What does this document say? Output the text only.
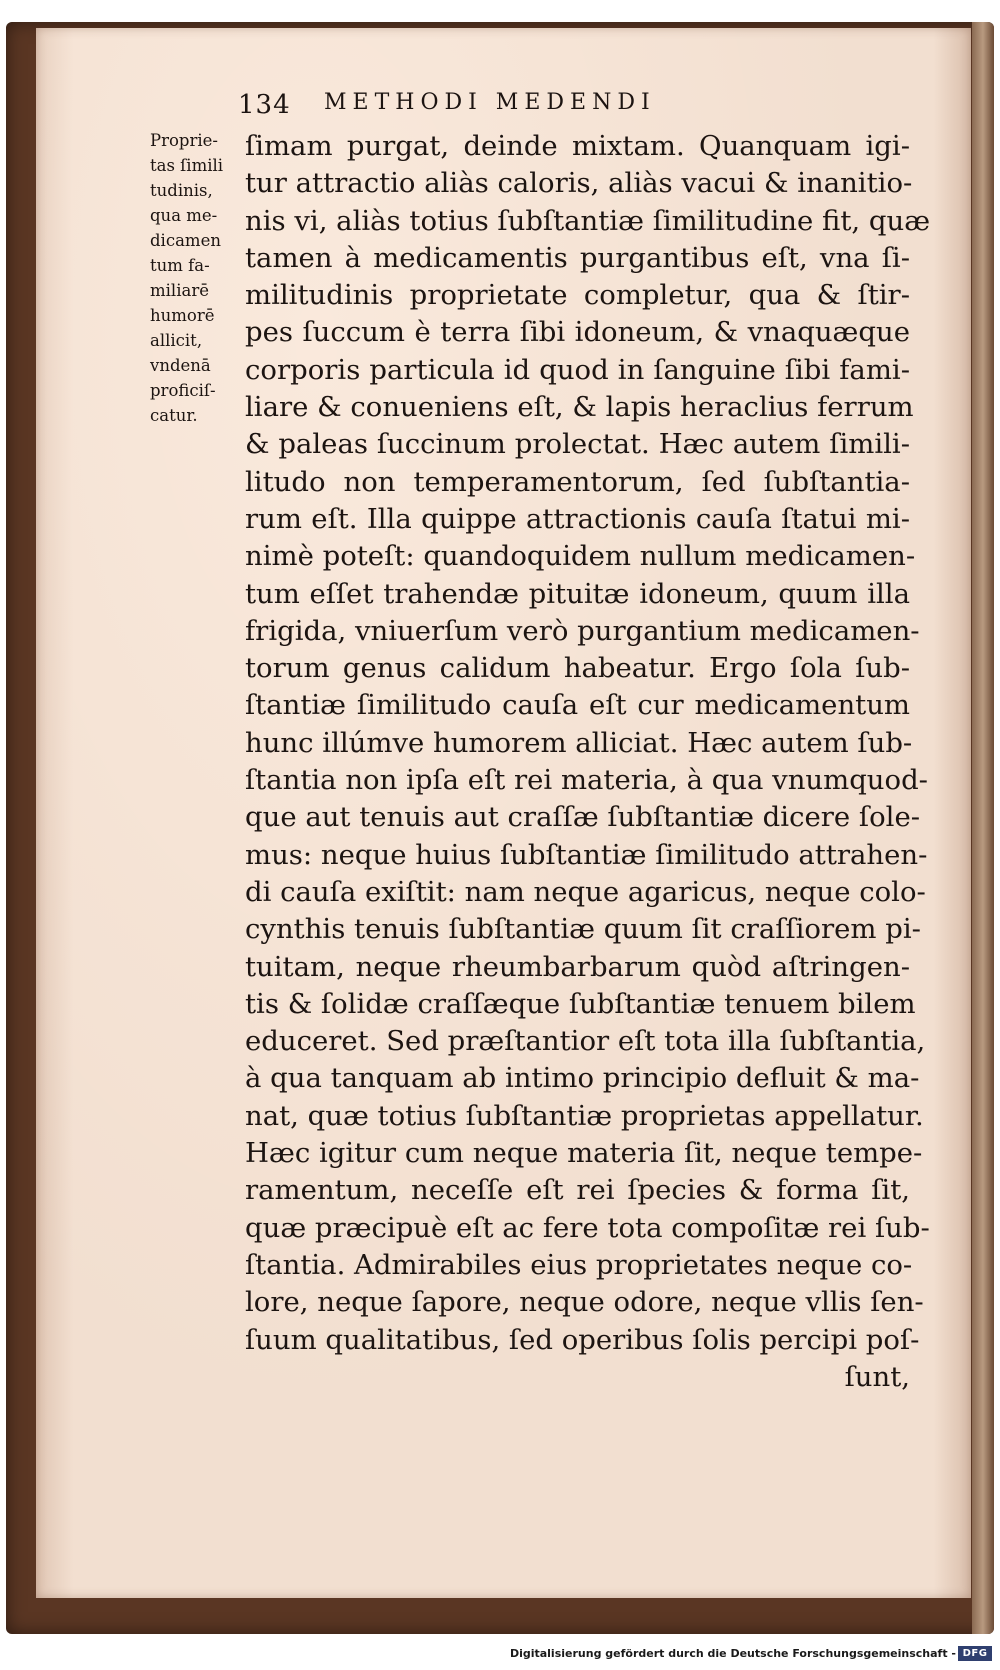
134 METHODI MEDENDI
Proprie-
tas ſimili
tudinis,
qua me-
dicamen
tum fa-
miliarē
humorē
allicit,
vndenā
proficiſ-
catur.
ſimam purgat, deinde mixtam. Quanquam igi-
tur attractio aliàs caloris, aliàs vacui & inanitio-
nis vi, aliàs totius ſubſtantiæ ſimilitudine fit, quæ
tamen à medicamentis purgantibus eſt, vna ſi-
militudinis proprietate completur, qua & ſtir-
pes ſuccum è terra ſibi idoneum, & vnaquæque
corporis particula id quod in ſanguine ſibi fami-
liare & conueniens eſt, & lapis heraclius ferrum
& paleas ſuccinum prolectat. Hæc autem ſimili-
litudo non temperamentorum, ſed ſubſtantia-
rum eſt. Illa quippe attractionis cauſa ſtatui mi-
nimè poteſt: quandoquidem nullum medicamen-
tum eſſet trahendæ pituitæ idoneum, quum illa
frigida, vniuerſum verò purgantium medicamen-
torum genus calidum habeatur. Ergo ſola ſub-
ſtantiæ ſimilitudo cauſa eſt cur medicamentum
hunc illúmve humorem alliciat. Hæc autem ſub-
ſtantia non ipſa eſt rei materia, à qua vnumquod-
que aut tenuis aut craſſæ ſubſtantiæ dicere ſole-
mus: neque huius ſubſtantiæ ſimilitudo attrahen-
di cauſa exiſtit: nam neque agaricus, neque colo-
cynthis tenuis ſubſtantiæ quum ſit craſſiorem pi-
tuitam, neque rheumbarbarum quòd aſtringen-
tis & ſolidæ craſſæque ſubſtantiæ tenuem bilem
educeret. Sed præſtantior eſt tota illa ſubſtantia,
à qua tanquam ab intimo principio defluit & ma-
nat, quæ totius ſubſtantiæ proprietas appellatur.
Hæc igitur cum neque materia ſit, neque tempe-
ramentum, neceſſe eſt rei ſpecies & forma ſit,
quæ præcipuè eſt ac fere tota compoſitæ rei ſub-
ſtantia. Admirabiles eius proprietates neque co-
lore, neque ſapore, neque odore, neque vllis ſen-
ſuum qualitatibus, ſed operibus ſolis percipi poſ-
ſunt,
Digitalisierung gefördert durch die Deutsche Forschungsgemeinschaft - DFG
